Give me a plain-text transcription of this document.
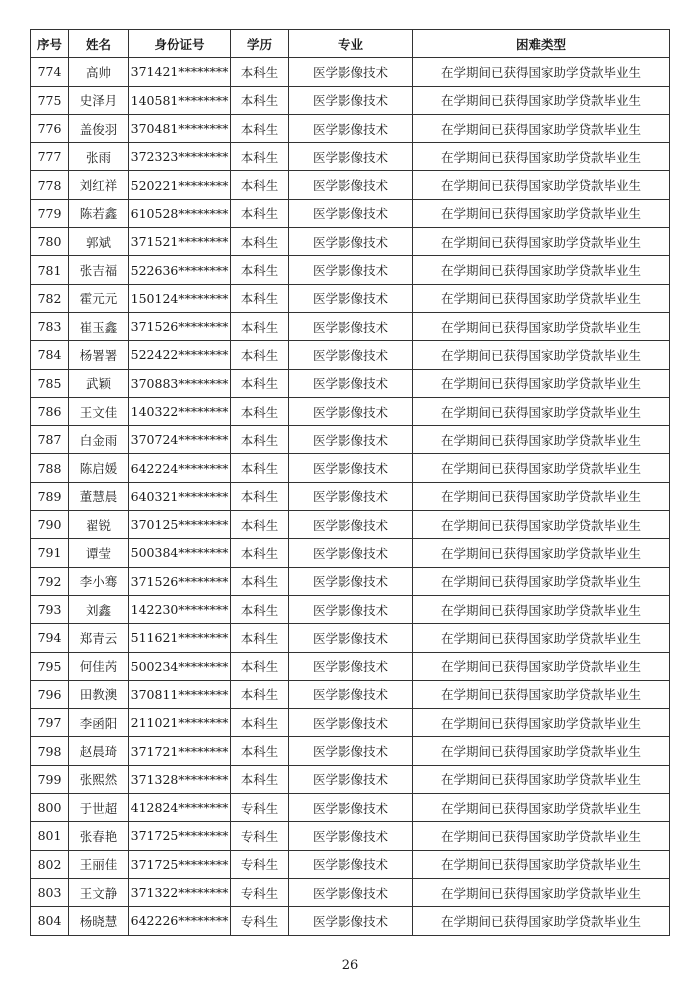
序号	姓名	身份证号	学历	专业	困难类型
774	高帅	371421********	本科生	医学影像技术	在学期间已获得国家助学贷款毕业生
775	史泽月	140581********	本科生	医学影像技术	在学期间已获得国家助学贷款毕业生
776	盖俊羽	370481********	本科生	医学影像技术	在学期间已获得国家助学贷款毕业生
777	张雨	372323********	本科生	医学影像技术	在学期间已获得国家助学贷款毕业生
778	刘红祥	520221********	本科生	医学影像技术	在学期间已获得国家助学贷款毕业生
779	陈若鑫	610528********	本科生	医学影像技术	在学期间已获得国家助学贷款毕业生
780	郭斌	371521********	本科生	医学影像技术	在学期间已获得国家助学贷款毕业生
781	张吉福	522636********	本科生	医学影像技术	在学期间已获得国家助学贷款毕业生
782	霍元元	150124********	本科生	医学影像技术	在学期间已获得国家助学贷款毕业生
783	崔玉鑫	371526********	本科生	医学影像技术	在学期间已获得国家助学贷款毕业生
784	杨署署	522422********	本科生	医学影像技术	在学期间已获得国家助学贷款毕业生
785	武颖	370883********	本科生	医学影像技术	在学期间已获得国家助学贷款毕业生
786	王文佳	140322********	本科生	医学影像技术	在学期间已获得国家助学贷款毕业生
787	白金雨	370724********	本科生	医学影像技术	在学期间已获得国家助学贷款毕业生
788	陈启媛	642224********	本科生	医学影像技术	在学期间已获得国家助学贷款毕业生
789	董慧晨	640321********	本科生	医学影像技术	在学期间已获得国家助学贷款毕业生
790	翟锐	370125********	本科生	医学影像技术	在学期间已获得国家助学贷款毕业生
791	谭莹	500384********	本科生	医学影像技术	在学期间已获得国家助学贷款毕业生
792	李小骞	371526********	本科生	医学影像技术	在学期间已获得国家助学贷款毕业生
793	刘鑫	142230********	本科生	医学影像技术	在学期间已获得国家助学贷款毕业生
794	郑青云	511621********	本科生	医学影像技术	在学期间已获得国家助学贷款毕业生
795	何佳芮	500234********	本科生	医学影像技术	在学期间已获得国家助学贷款毕业生
796	田教澳	370811********	本科生	医学影像技术	在学期间已获得国家助学贷款毕业生
797	李函阳	211021********	本科生	医学影像技术	在学期间已获得国家助学贷款毕业生
798	赵晨琦	371721********	本科生	医学影像技术	在学期间已获得国家助学贷款毕业生
799	张熙然	371328********	本科生	医学影像技术	在学期间已获得国家助学贷款毕业生
800	于世超	412824********	专科生	医学影像技术	在学期间已获得国家助学贷款毕业生
801	张春艳	371725********	专科生	医学影像技术	在学期间已获得国家助学贷款毕业生
802	王丽佳	371725********	专科生	医学影像技术	在学期间已获得国家助学贷款毕业生
803	王文静	371322********	专科生	医学影像技术	在学期间已获得国家助学贷款毕业生
804	杨晓慧	642226********	专科生	医学影像技术	在学期间已获得国家助学贷款毕业生
26
